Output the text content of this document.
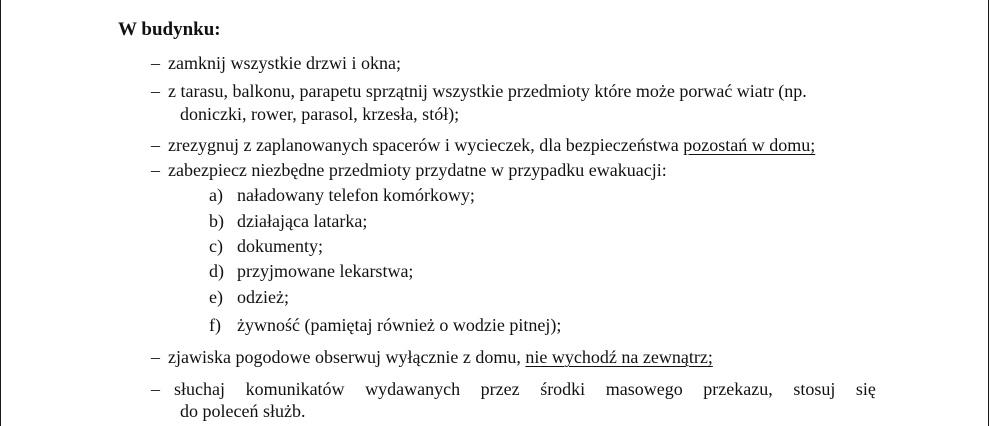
W budynku:
– zamknij wszystkie drzwi i okna;
– z tarasu, balkonu, parapetu sprzątnij wszystkie przedmioty które może porwać wiatr (np.
doniczki, rower, parasol, krzesła, stół);
– zrezygnuj z zaplanowanych spacerów i wycieczek, dla bezpieczeństwa pozostań w domu;
– zabezpiecz niezbędne przedmioty przydatne w przypadku ewakuacji:
a) naładowany telefon komórkowy;
b) działająca latarka;
c) dokumenty;
d) przyjmowane lekarstwa;
e) odzież;
f) żywność (pamiętaj również o wodzie pitnej);
– zjawiska pogodowe obserwuj wyłącznie z domu, nie wychodź na zewnątrz;
– słuchaj komunikatów wydawanych przez środki masowego przekazu, stosuj się
do poleceń służb.
